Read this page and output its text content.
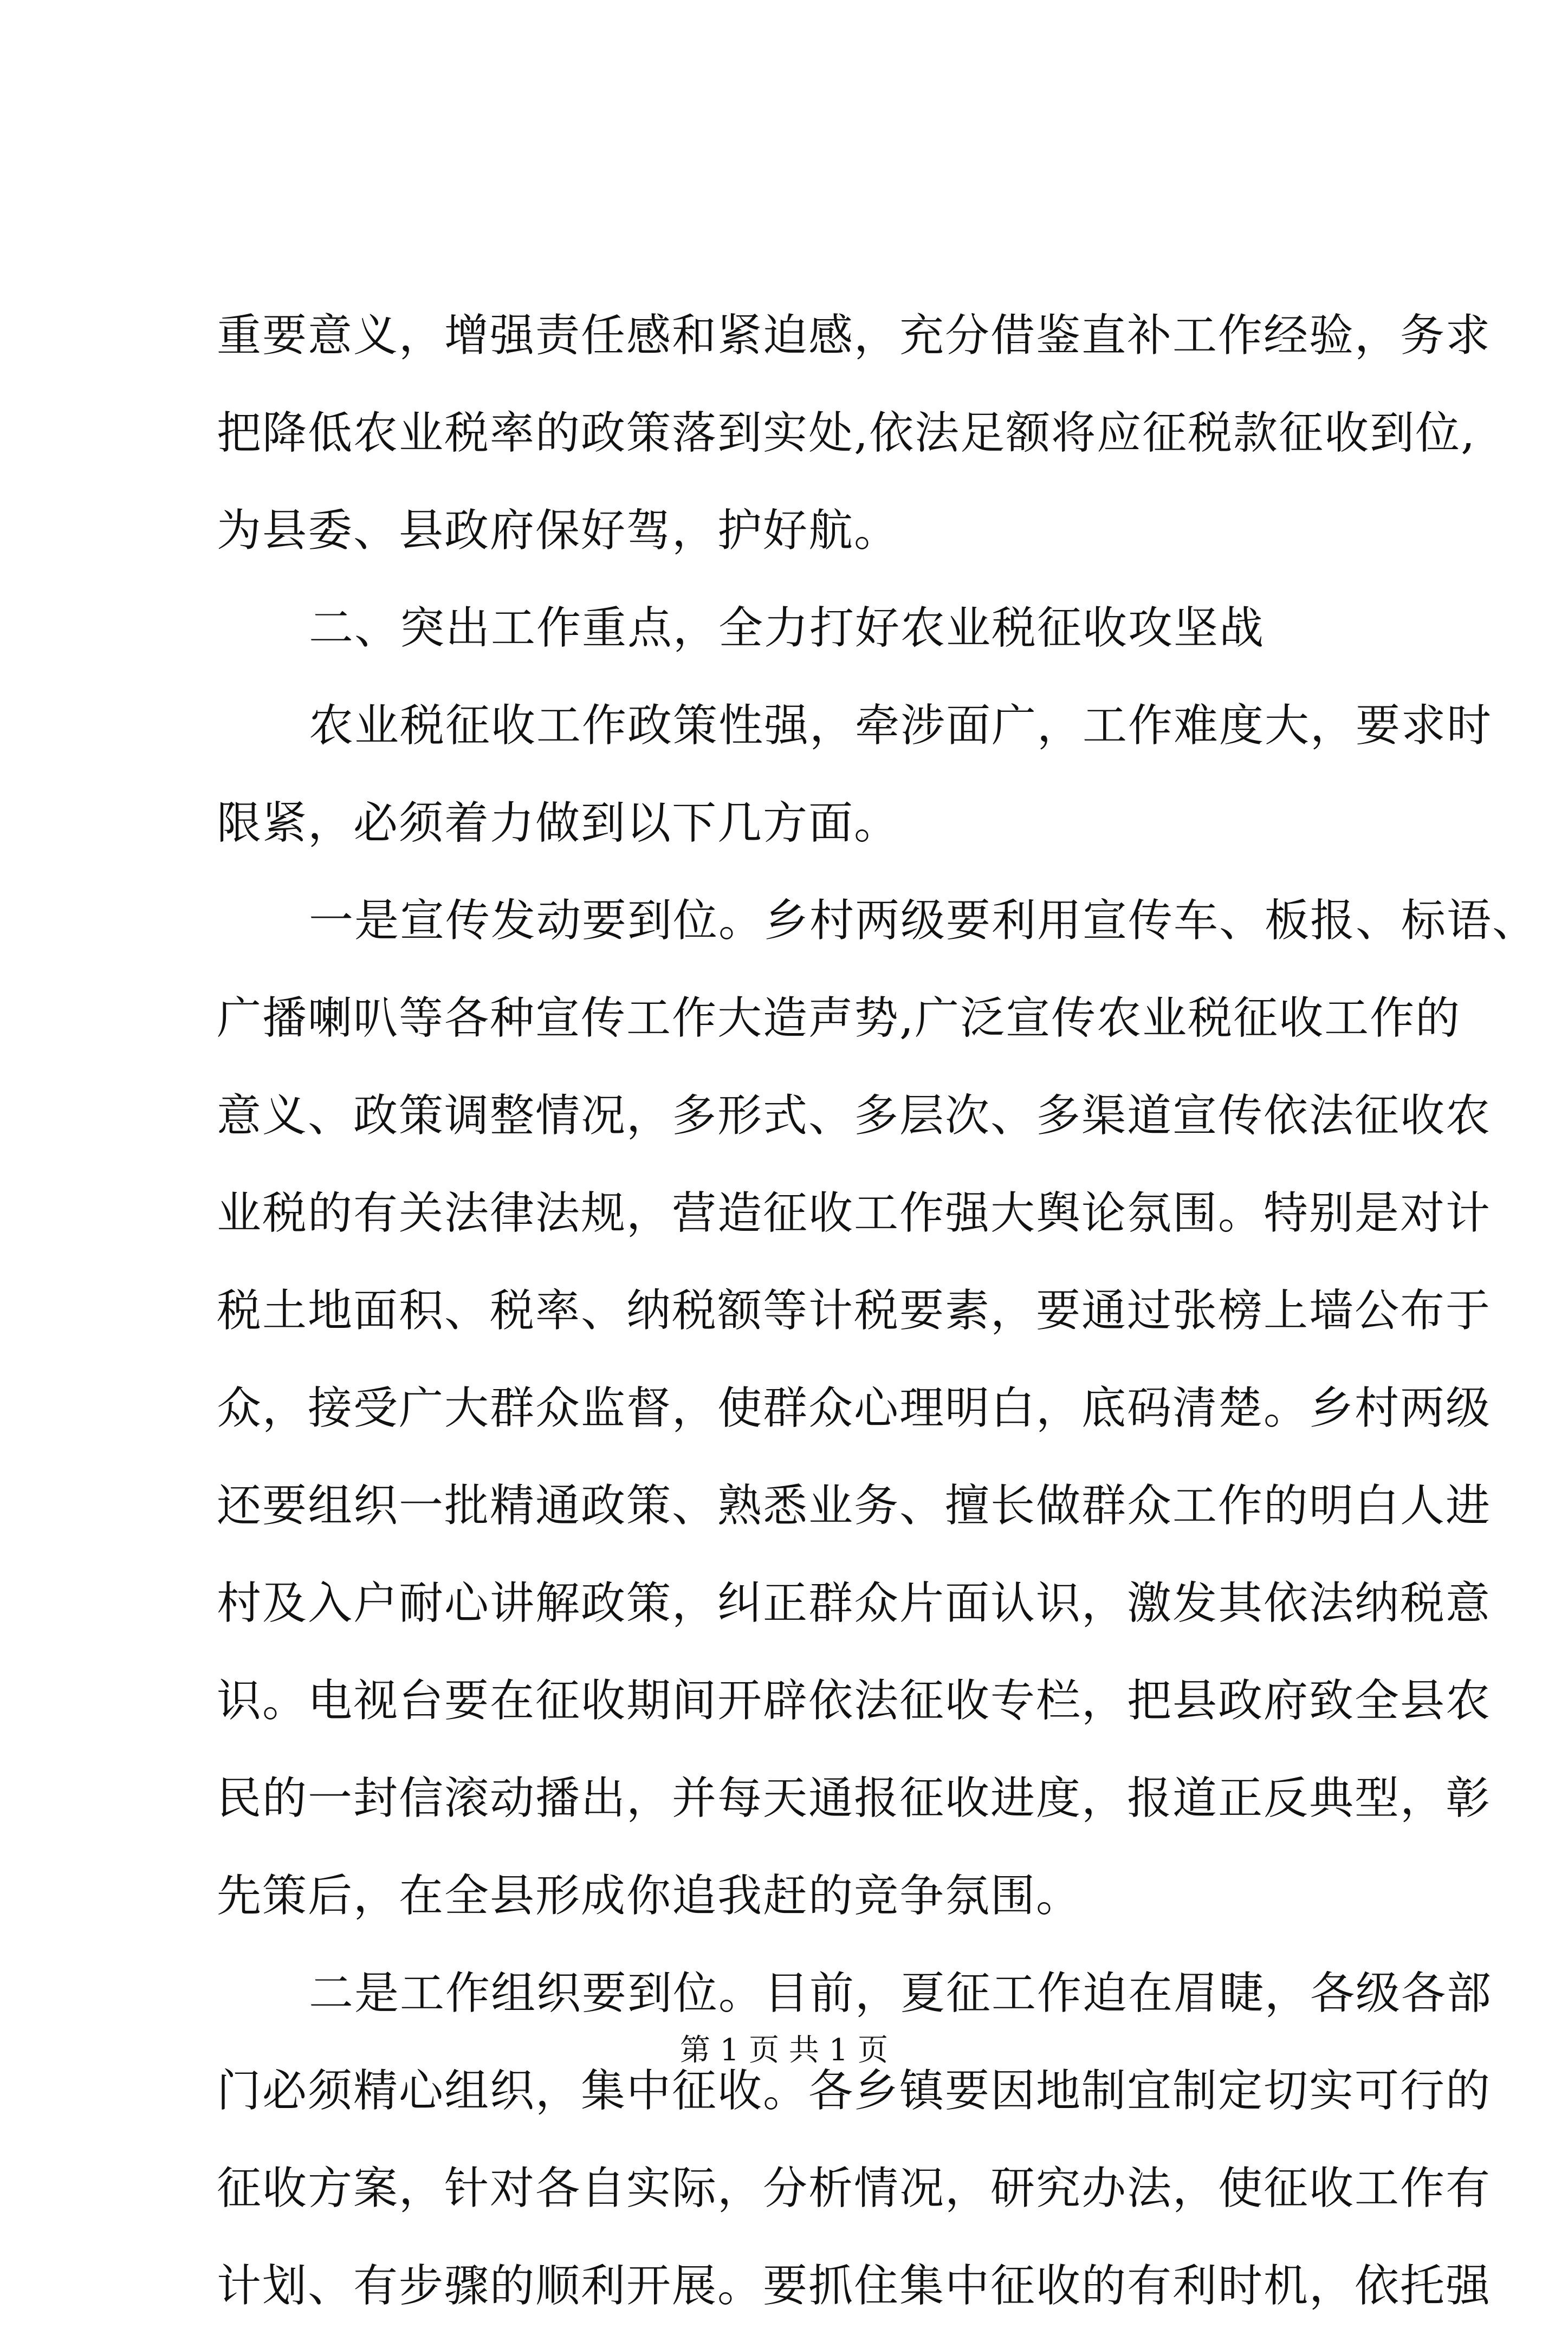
重要意义，增强责任感和紧迫感，充分借鉴直补工作经验，务求
把降低农业税率的政策落到实处,依法足额将应征税款征收到位,
为县委、县政府保好驾，护好航。
二、突出工作重点，全力打好农业税征收攻坚战
农业税征收工作政策性强，牵涉面广，工作难度大，要求时
限紧，必须着力做到以下几方面。
一是宣传发动要到位。乡村两级要利用宣传车、板报、标语、
广播喇叭等各种宣传工作大造声势,广泛宣传农业税征收工作的
意义、政策调整情况，多形式、多层次、多渠道宣传依法征收农
业税的有关法律法规，营造征收工作强大舆论氛围。特别是对计
税土地面积、税率、纳税额等计税要素，要通过张榜上墙公布于
众，接受广大群众监督，使群众心理明白，底码清楚。乡村两级
还要组织一批精通政策、熟悉业务、擅长做群众工作的明白人进
村及入户耐心讲解政策，纠正群众片面认识，激发其依法纳税意
识。电视台要在征收期间开辟依法征收专栏，把县政府致全县农
民的一封信滚动播出，并每天通报征收进度，报道正反典型，彰
先策后，在全县形成你追我赶的竞争氛围。
二是工作组织要到位。目前，夏征工作迫在眉睫，各级各部
门必须精心组织，集中征收。各乡镇要因地制宜制定切实可行的
征收方案，针对各自实际，分析情况，研究办法，使征收工作有
计划、有步骤的顺利开展。要抓住集中征收的有利时机，依托强
第 1 页 共 1 页
